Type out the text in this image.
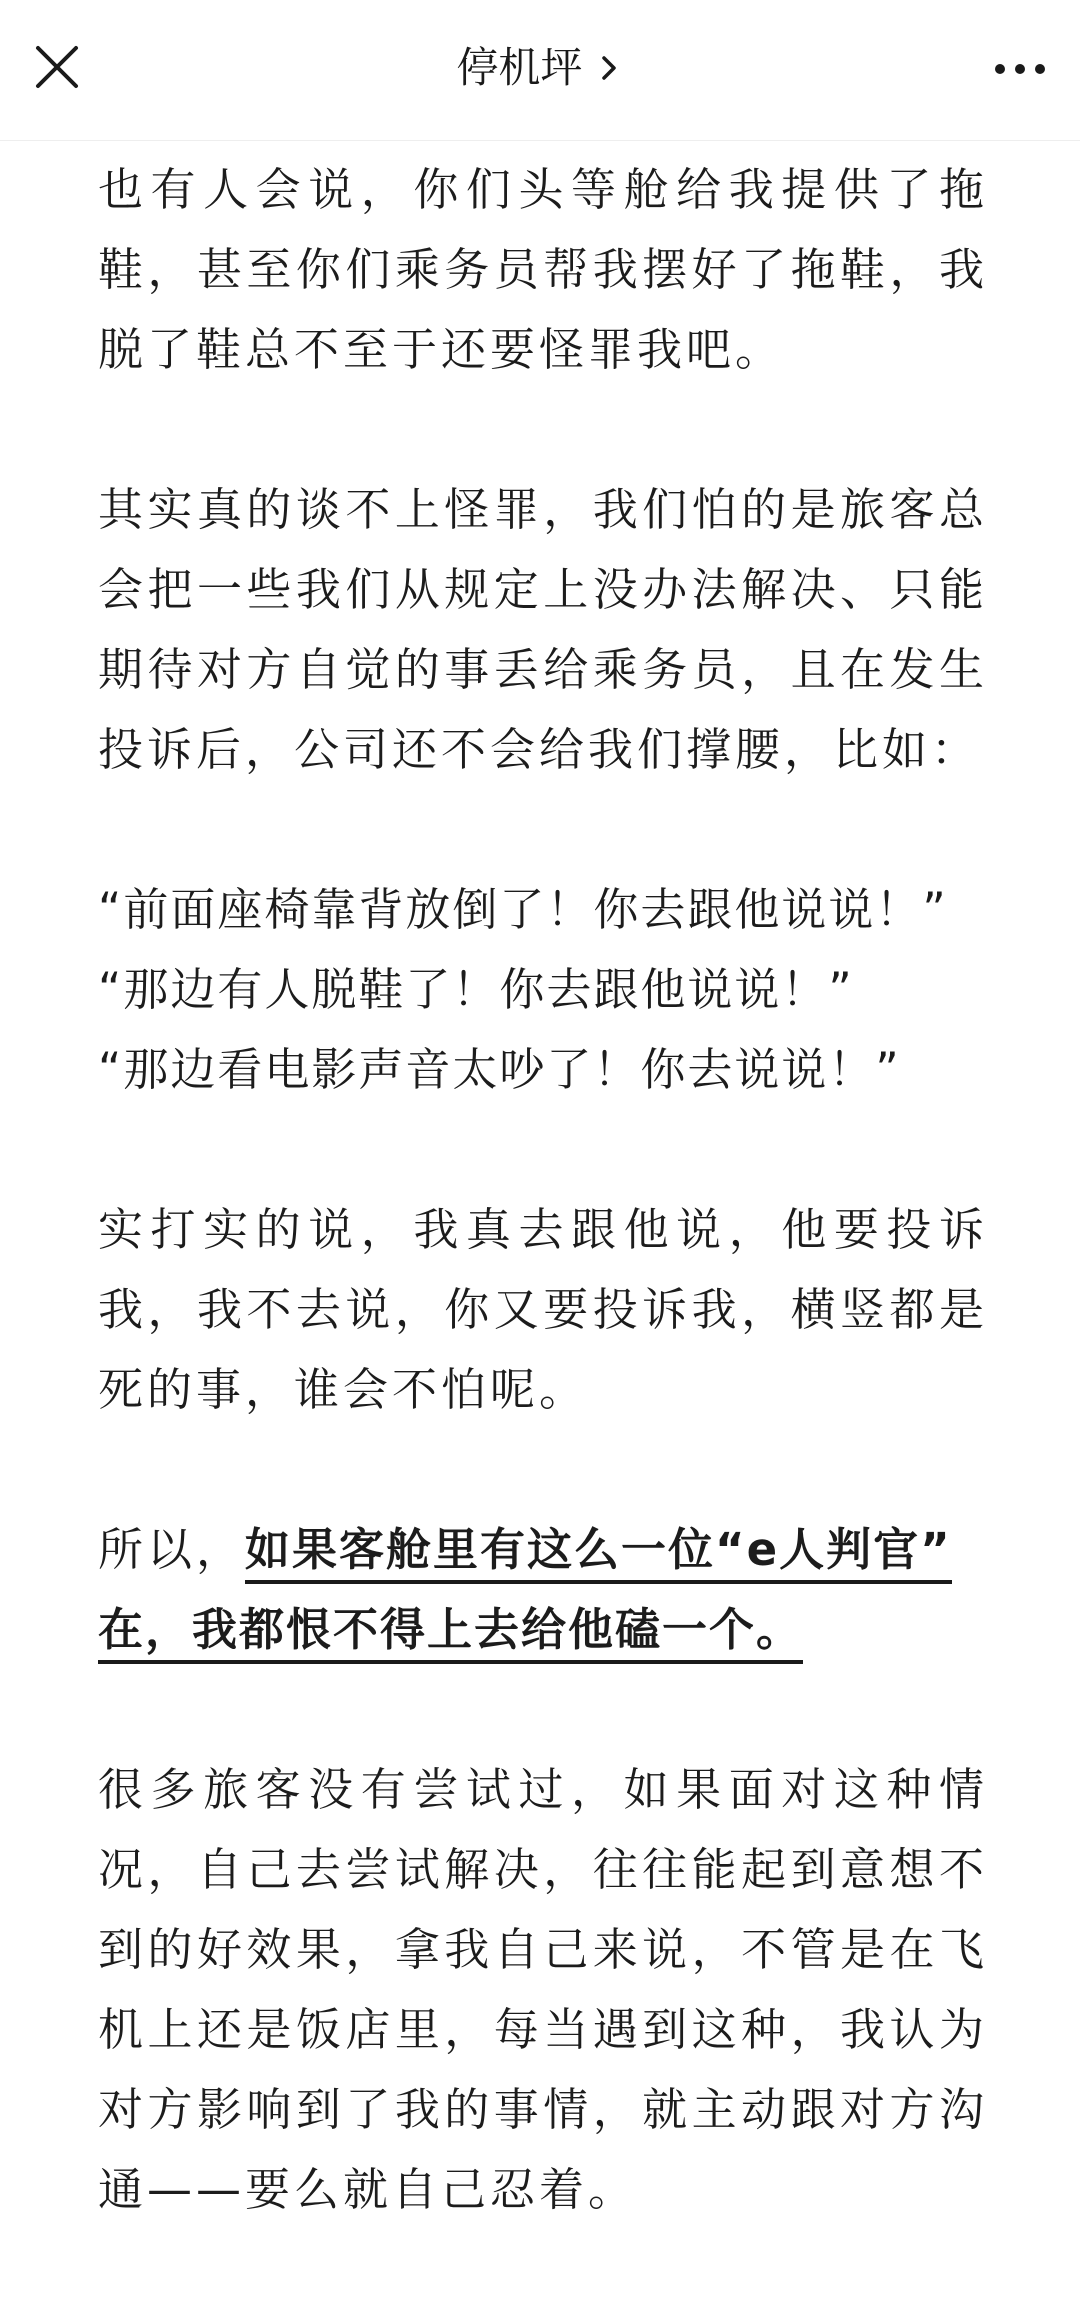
停机坪

也有人会说，你们头等舱给我提供了拖鞋，甚至你们乘务员帮我摆好了拖鞋，我脱了鞋总不至于还要怪罪我吧。

其实真的谈不上怪罪，我们怕的是旅客总会把一些我们从规定上没办法解决、只能期待对方自觉的事丢给乘务员，且在发生投诉后，公司还不会给我们撑腰，比如：

“前面座椅靠背放倒了！你去跟他说说！”
“那边有人脱鞋了！你去跟他说说！”
“那边看电影声音太吵了！你去说说！”

实打实的说，我真去跟他说，他要投诉我，我不去说，你又要投诉我，横竖都是死的事，谁会不怕呢。

所以，如果客舱里有这么一位“e人判官”
在，我都恨不得上去给他磕一个。

很多旅客没有尝试过，如果面对这种情况，自己去尝试解决，往往能起到意想不到的好效果，拿我自己来说，不管是在飞机上还是饭店里，每当遇到这种，我认为对方影响到了我的事情，就主动跟对方沟通——要么就自己忍着。
